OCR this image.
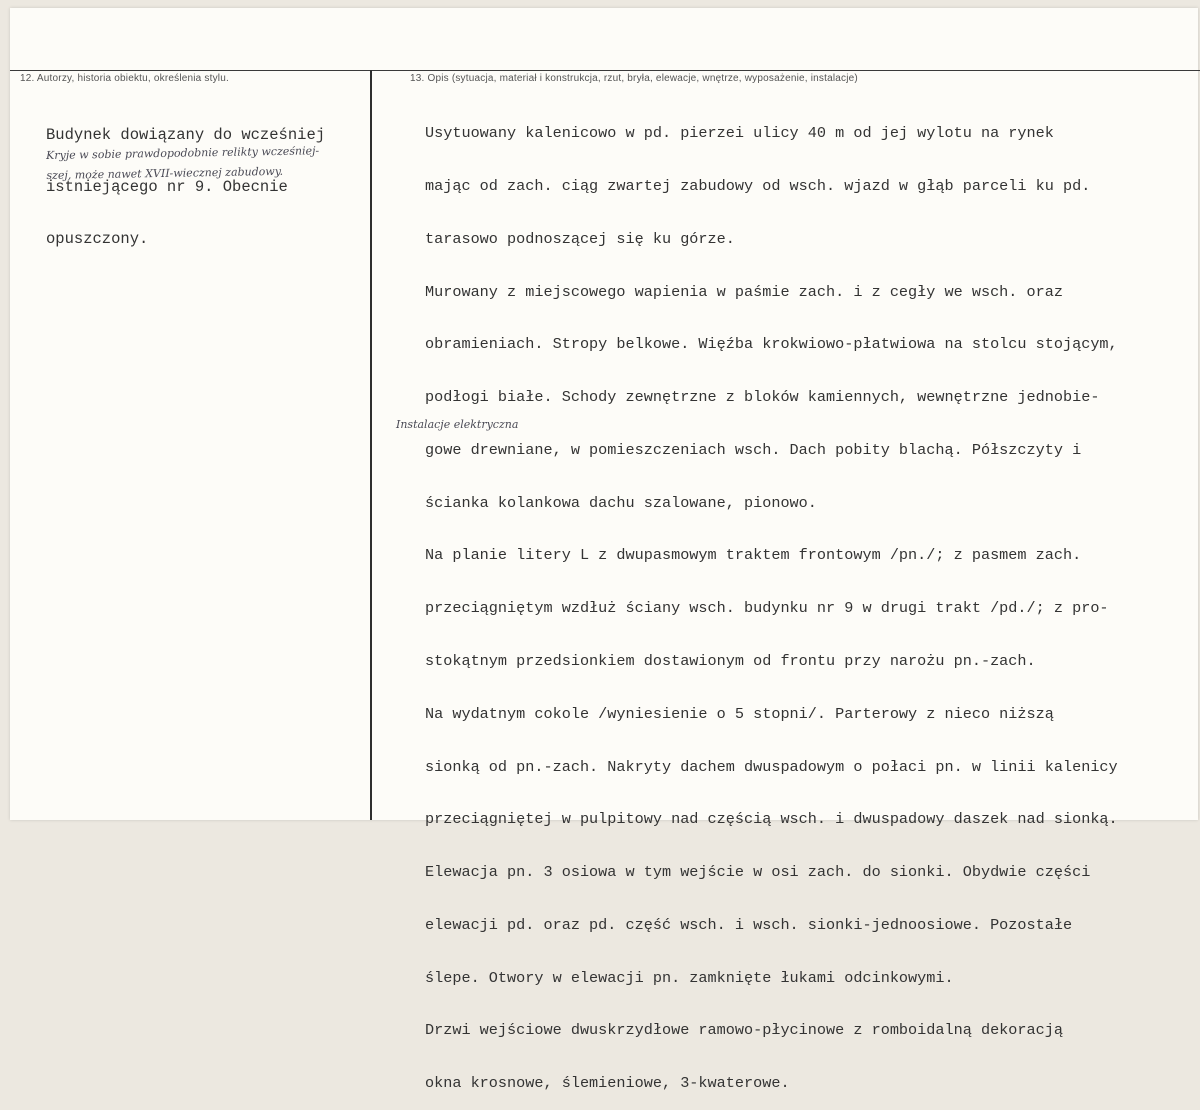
12. Autorzy, historia obiektu, określenia stylu.	13. Opis (sytuacja, materiał i konstrukcja, rzut, bryła, elewacje, wnętrze, wyposażenie, instalacje)

Budynek dowiązany do wcześniej

istniejącego nr 9. Obecnie

opuszczony.

Kryje w sobie prawdopodobnie relikty wcześniej-
szej, może nawet XVII-wiecznej zabudowy.

Usytuowany kalenicowo w pd. pierzei ulicy 40 m od jej wylotu na rynek

mając od zach. ciąg zwartej zabudowy od wsch. wjazd w głąb parceli ku pd.

tarasowo podnoszącej się ku górze.

Murowany z miejscowego wapienia w paśmie zach. i z cegły we wsch. oraz

obramieniach. Stropy belkowe. Więźba krokwiowo-płatwiowa na stolcu stojącym,

podłogi białe. Schody zewnętrzne z bloków kamiennych, wewnętrzne jednobie-

gowe drewniane, w pomieszczeniach wsch. Dach pobity blachą. Półszczyty i

ścianka kolankowa dachu szalowane, pionowo.

Na planie litery L z dwupasmowym traktem frontowym /pn./; z pasmem zach.

przeciągniętym wzdłuż ściany wsch. budynku nr 9 w drugi trakt /pd./; z pro-

stokątnym przedsionkiem dostawionym od frontu przy narożu pn.-zach.

Na wydatnym cokole /wyniesienie o 5 stopni/. Parterowy z nieco niższą

sionką od pn.-zach. Nakryty dachem dwuspadowym o połaci pn. w linii kalenicy

przeciągniętej w pulpitowy nad częścią wsch. i dwuspadowy daszek nad sionką.

Elewacja pn. 3 osiowa w tym wejście w osi zach. do sionki. Obydwie części

elewacji pd. oraz pd. część wsch. i wsch. sionki-jednoosiowe. Pozostałe

ślepe. Otwory w elewacji pn. zamknięte łukami odcinkowymi.

Drzwi wejściowe dwuskrzydłowe ramowo-płycinowe z romboidalną dekoracją

okna krosnowe, ślemieniowe, 3-kwaterowe.

Instalacje elektryczna
